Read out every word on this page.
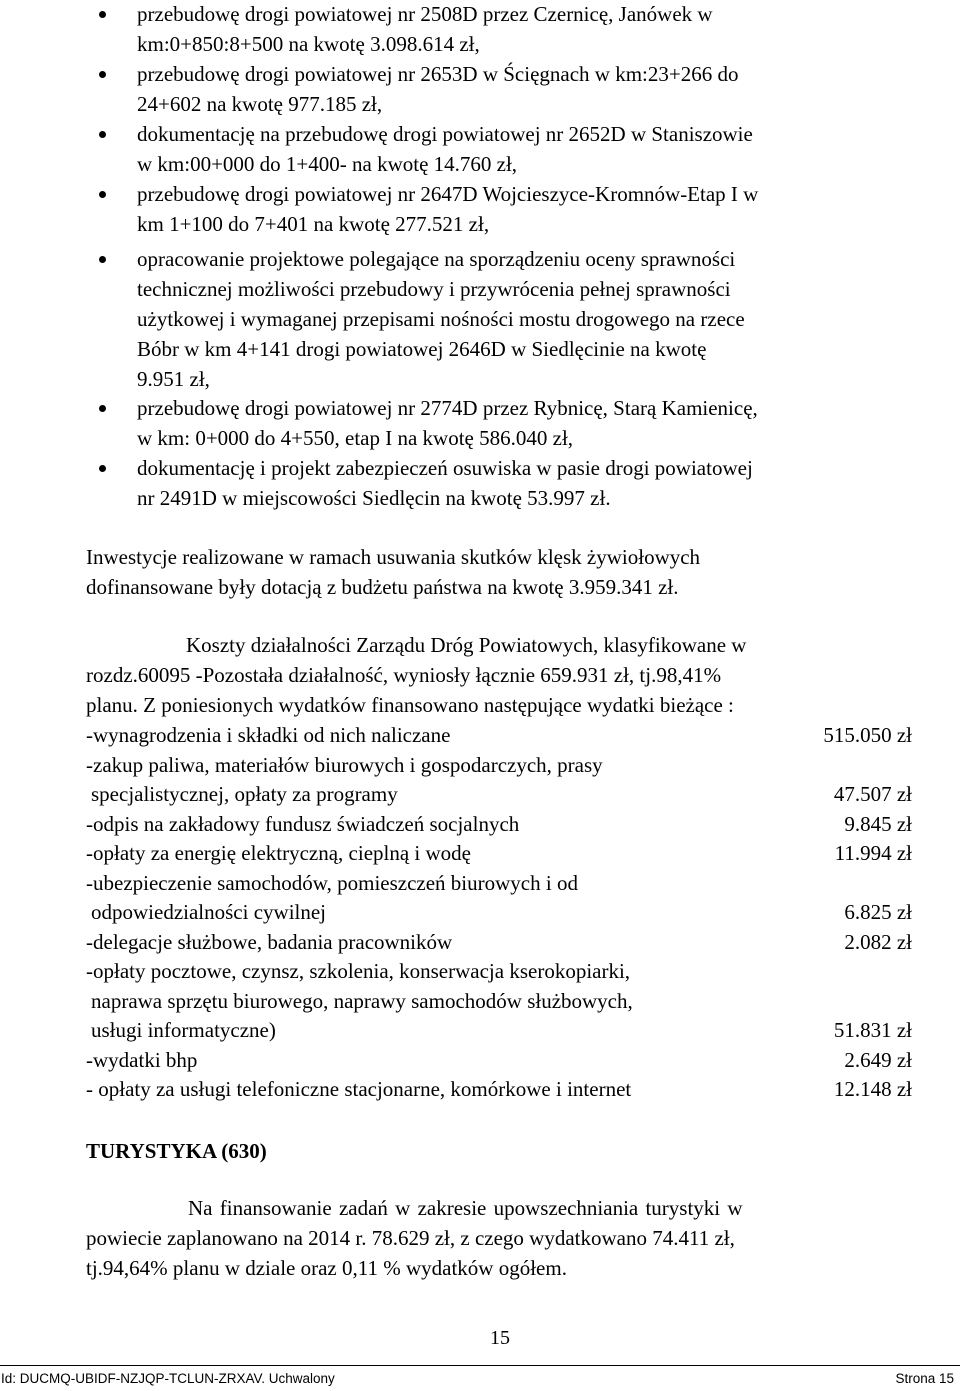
przebudowę drogi powiatowej nr 2508D przez Czernicę, Janówek w
km:0+850:8+500 na kwotę 3.098.614 zł,
przebudowę drogi powiatowej nr 2653D w Ścięgnach w km:23+266 do
24+602 na kwotę 977.185 zł,
dokumentację na przebudowę drogi powiatowej nr 2652D w Staniszowie
w km:00+000 do 1+400- na kwotę 14.760 zł,
przebudowę drogi powiatowej nr 2647D Wojcieszyce-Kromnów-Etap I w
km 1+100 do 7+401 na kwotę 277.521 zł,
opracowanie projektowe polegające na sporządzeniu oceny sprawności
technicznej możliwości przebudowy i przywrócenia pełnej sprawności
użytkowej i wymaganej przepisami nośności mostu drogowego na rzece
Bóbr w km 4+141 drogi powiatowej 2646D w Siedlęcinie na kwotę
9.951 zł,
przebudowę drogi powiatowej nr 2774D przez Rybnicę, Starą Kamienicę,
w km: 0+000 do 4+550, etap I na kwotę 586.040 zł,
dokumentację i projekt zabezpieczeń osuwiska w pasie drogi powiatowej
nr 2491D w miejscowości Siedlęcin na kwotę 53.997 zł.
Inwestycje realizowane w ramach usuwania skutków klęsk żywiołowych
dofinansowane były dotacją z budżetu państwa na kwotę 3.959.341 zł.
Koszty działalności Zarządu Dróg Powiatowych, klasyfikowane w
rozdz.60095 -Pozostała działalność, wyniosły łącznie 659.931 zł, tj.98,41%
planu. Z poniesionych wydatków finansowano następujące wydatki bieżące :
-wynagrodzenia i składki od nich naliczane	515.050 zł
-zakup paliwa, materiałów biurowych i gospodarczych, prasy
specjalistycznej, opłaty za programy	47.507 zł
-odpis na zakładowy fundusz świadczeń socjalnych	9.845 zł
-opłaty za energię elektryczną, cieplną i wodę	11.994 zł
-ubezpieczenie samochodów, pomieszczeń biurowych i od
odpowiedzialności cywilnej	6.825 zł
-delegacje służbowe, badania pracowników	2.082 zł
-opłaty pocztowe, czynsz, szkolenia, konserwacja kserokopiarki,
naprawa sprzętu biurowego, naprawy samochodów służbowych,
usługi informatyczne)	51.831 zł
-wydatki bhp	2.649 zł
- opłaty za usługi telefoniczne stacjonarne, komórkowe i internet	12.148 zł
TURYSTYKA (630)
Na finansowanie zadań w zakresie upowszechniania turystyki w
powiecie zaplanowano na 2014 r. 78.629 zł, z czego wydatkowano 74.411 zł,
tj.94,64% planu w dziale oraz 0,11 % wydatków ogółem.
15
Id: DUCMQ-UBIDF-NZJQP-TCLUN-ZRXAV. Uchwalony	Strona 15
